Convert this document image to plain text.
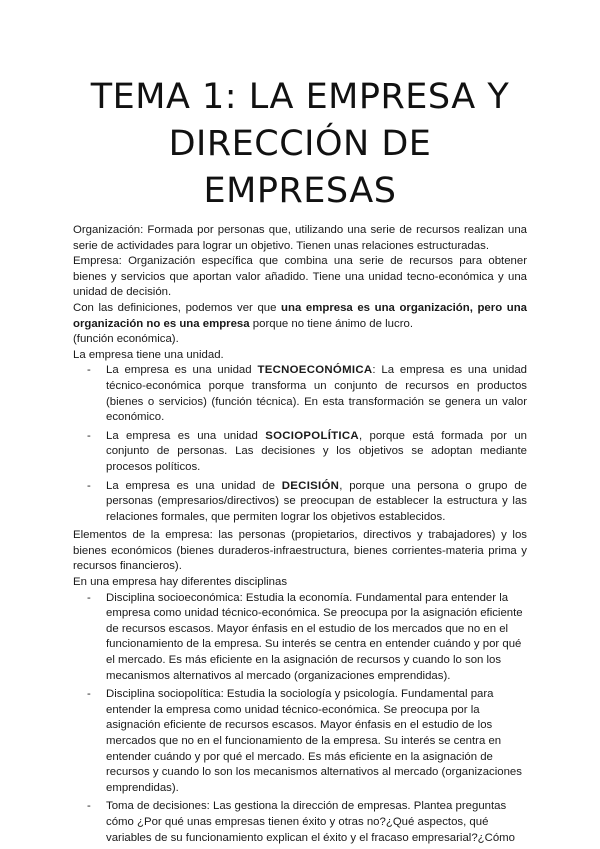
TEMA 1: LA EMPRESA Y
DIRECCIÓN DE
EMPRESAS

Organización: Formada por personas que, utilizando una serie de recursos realizan una serie de actividades para lograr un objetivo. Tienen unas relaciones estructuradas.

Empresa: Organización específica que combina una serie de recursos para obtener bienes y servicios que aportan valor añadido. Tiene una unidad tecno-económica y una unidad de decisión.

Con las definiciones, podemos ver que una empresa es una organización, pero una organización no es una empresa porque no tiene ánimo de lucro.

(función económica).

La empresa tiene una unidad.

- La empresa es una unidad TECNOECONÓMICA: La empresa es una unidad técnico-económica porque transforma un conjunto de recursos en productos (bienes o servicios) (función técnica). En esta transformación se genera un valor económico.
- La empresa es una unidad SOCIOPOLÍTICA, porque está formada por un conjunto de personas. Las decisiones y los objetivos se adoptan mediante procesos políticos.
- La empresa es una unidad de DECISIÓN, porque una persona o grupo de personas (empresarios/directivos) se preocupan de establecer la estructura y las relaciones formales, que permiten lograr los objetivos establecidos.

Elementos de la empresa: las personas (propietarios, directivos y trabajadores) y los bienes económicos (bienes duraderos-infraestructura, bienes corrientes-materia prima y recursos financieros).

En una empresa hay diferentes disciplinas

- Disciplina socioeconómica: Estudia la economía. Fundamental para entender la empresa como unidad técnico-económica. Se preocupa por la asignación eficiente de recursos escasos. Mayor énfasis en el estudio de los mercados que no en el funcionamiento de la empresa. Su interés se centra en entender cuándo y por qué el mercado. Es más eficiente en la asignación de recursos y cuando lo son los mecanismos alternativos al mercado (organizaciones emprendidas).
- Disciplina sociopolítica: Estudia la sociología y psicología. Fundamental para entender la empresa como unidad técnico-económica. Se preocupa por la asignación eficiente de recursos escasos. Mayor énfasis en el estudio de los mercados que no en el funcionamiento de la empresa. Su interés se centra en entender cuándo y por qué el mercado. Es más eficiente en la asignación de recursos y cuando lo son los mecanismos alternativos al mercado (organizaciones emprendidas).
- Toma de decisiones: Las gestiona la dirección de empresas. Plantea preguntas cómo ¿Por qué unas empresas tienen éxito y otras no?¿Qué aspectos, qué variables de su funcionamiento explican el éxito y el fracaso empresarial?¿Cómo
